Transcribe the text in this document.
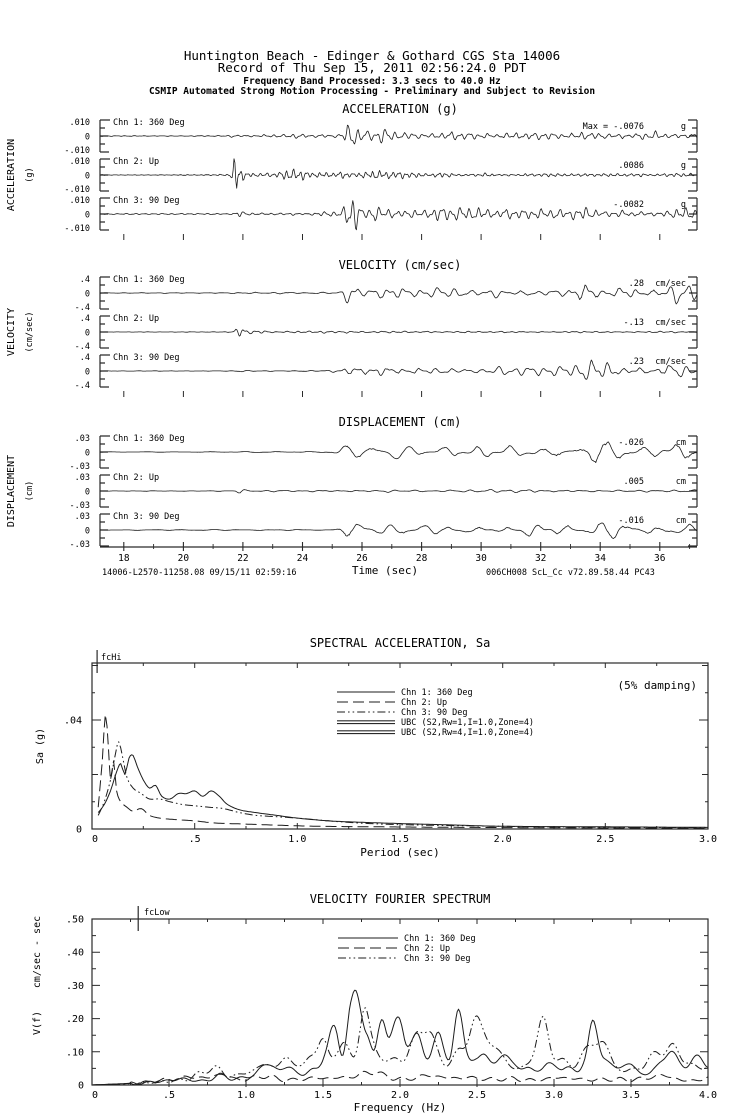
Huntington Beach - Edinger & Gothard CGS Sta 14006
Record of Thu Sep 15, 2011 02:56:24.0 PDT
Frequency Band Processed: 3.3 secs to 40.0 Hz
CSMIP Automated Strong Motion Processing - Preliminary and Subject to Revision
ACCELERATION (g)
VELOCITY (cm/sec)
DISPLACEMENT (cm)
ACCELERATION (g)
VELOCITY (cm/sec)
DISPLACEMENT (cm)
Time (sec)
14006-L2570-11258.08 09/15/11 02:59:16	006CH008 ScL_Cc v72.89.58.44 PC43
SPECTRAL ACCELERATION, Sa
(5% damping)
fcHi
Sa (g)
Period (sec)
VELOCITY FOURIER SPECTRUM
fcLow
cm/sec - sec
V(f)
Frequency (Hz)
Chn 1: 360 Deg
.010
0
-.010
Max = -.0076	g
Chn 2: Up
.010
0
-.010
.0086	g
Chn 3: 90 Deg
.010
0
-.010
-.0082	g
Chn 1: 360 Deg
.4
0
-.4
.28 cm/sec
Chn 2: Up
.4
0
-.4
-.13 cm/sec
Chn 3: 90 Deg
.4
0
-.4
.23 cm/sec
Chn 1: 360 Deg
.03
0
-.03
-.026	cm
Chn 2: Up
.03
0
-.03
.005	cm
Chn 3: 90 Deg
.03
0
-.03
-.016	cm
18	20	22	24	26	28	30	32	34	36
.04
0
0	.5	1.0	1.5	2.0	2.5	3.0
Chn 1: 360 Deg
Chn 2: Up
Chn 3: 90 Deg
UBC (S2,Rw=1,I=1.0,Zone=4)
UBC (S2,Rw=4,I=1.0,Zone=4)
.50
.40
.30
.20
.10
0
0	.5	1.0	1.5	2.0	2.5	3.0	3.5	4.0
Chn 1: 360 Deg
Chn 2: Up
Chn 3: 90 Deg
